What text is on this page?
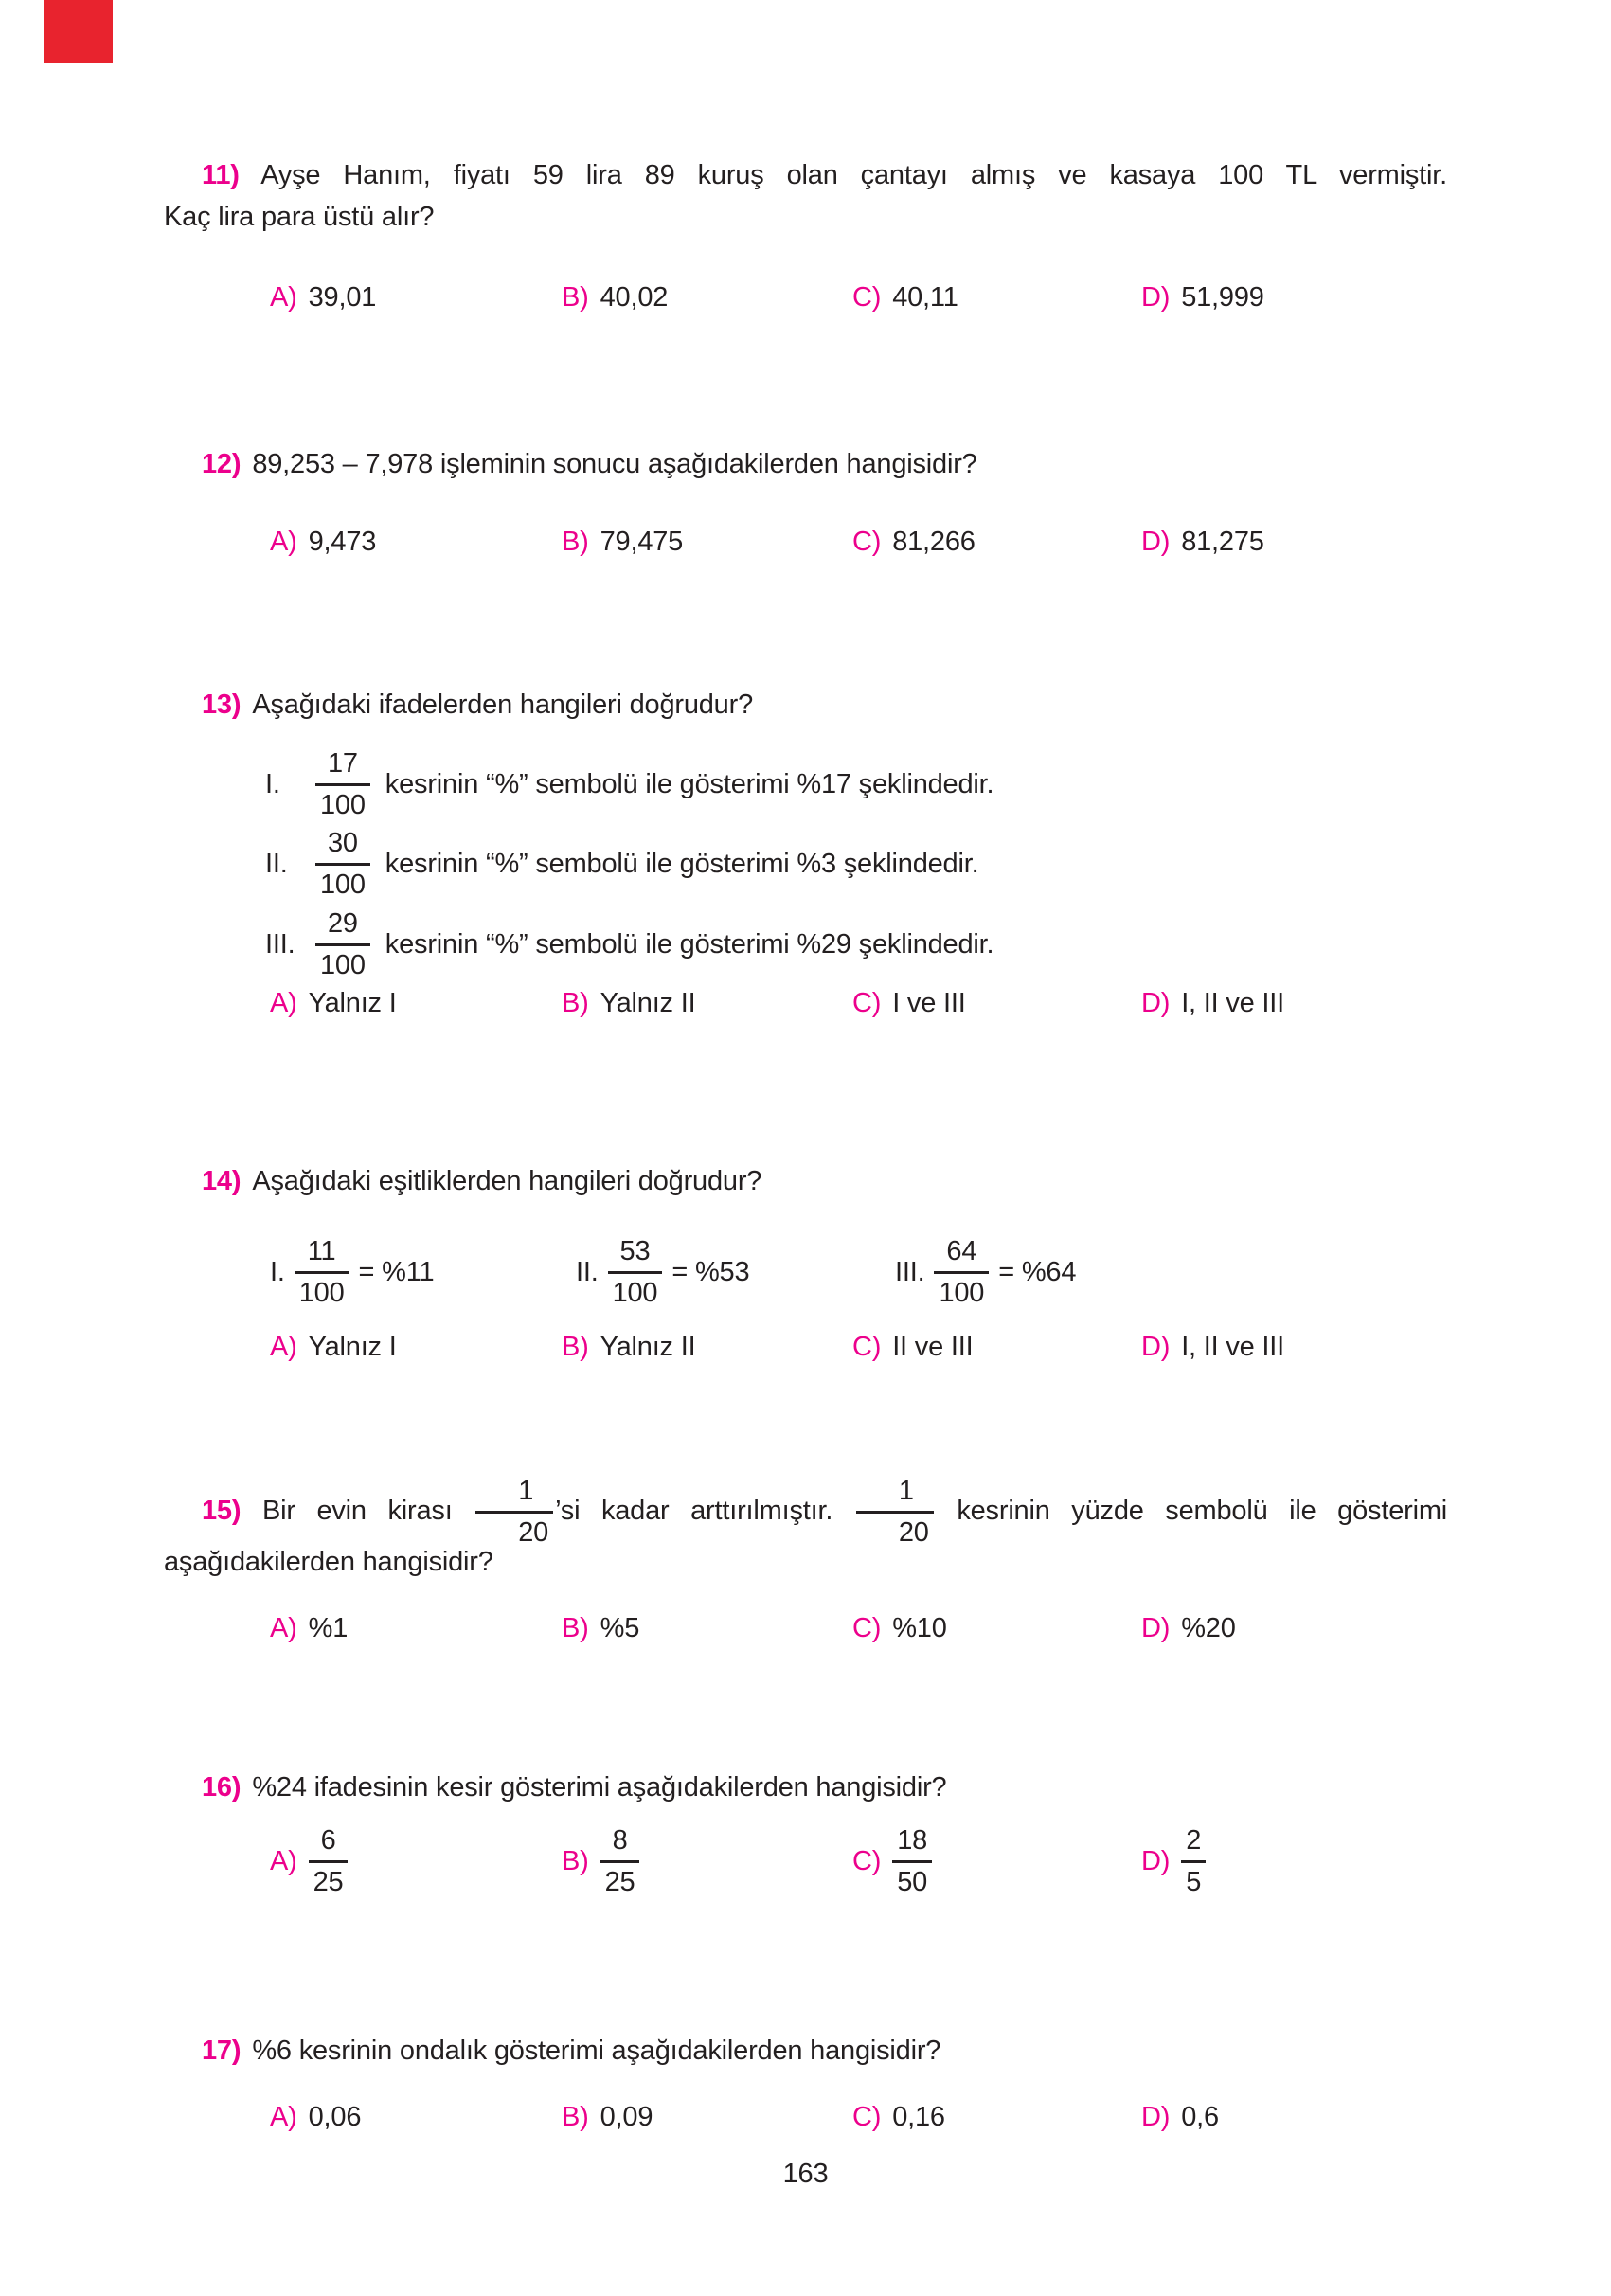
11) Ayşe Hanım, fiyatı 59 lira 89 kuruş olan çantayı almış ve kasaya 100 TL vermiştir.
Kaç lira para üstü alır?
A) 39,01	B) 40,02	C) 40,11	D) 51,999
12) 89,253 – 7,978 işleminin sonucu aşağıdakilerden hangisidir?
A) 9,473	B) 79,475	C) 81,266	D) 81,275
13) Aşağıdaki ifadelerden hangileri doğrudur?
I.	$\frac{17}{100}$ kesrinin “%” sembolü ile gösterimi %17 şeklindedir.
II.	$\frac{30}{100}$ kesrinin “%” sembolü ile gösterimi %3 şeklindedir.
III. $\frac{29}{100}$ kesrinin “%” sembolü ile gösterimi %29 şeklindedir.
A) Yalnız I	B) Yalnız II	C) I ve III	D) I, II ve III
14) Aşağıdaki eşitliklerden hangileri doğrudur?
I. $\frac{11}{100} = \%11$	II. $\frac{53}{100} = \%53$	III. $\frac{64}{100} = \%64$
A) Yalnız I	B) Yalnız II	C) II ve III	D) I, II ve III
15) Bir evin kirası $\frac{1}{20}$ ’si kadar arttırılmıştır. $\frac{1}{20}$ kesrinin yüzde sembolü ile gösterimi
aşağıdakilerden hangisidir?
A) %1	B) %5	C) %10	D) %20
16) %24 ifadesinin kesir gösterimi aşağıdakilerden hangisidir?
$A) \frac{6}{25}$	$B) \frac{8}{25}$	$C) \frac{18}{50}$	$D) \frac{2}{5}$
17) %6 kesrinin ondalık gösterimi aşağıdakilerden hangisidir?
A) 0,06	B) 0,09	C) 0,16	D) 0,6
163
